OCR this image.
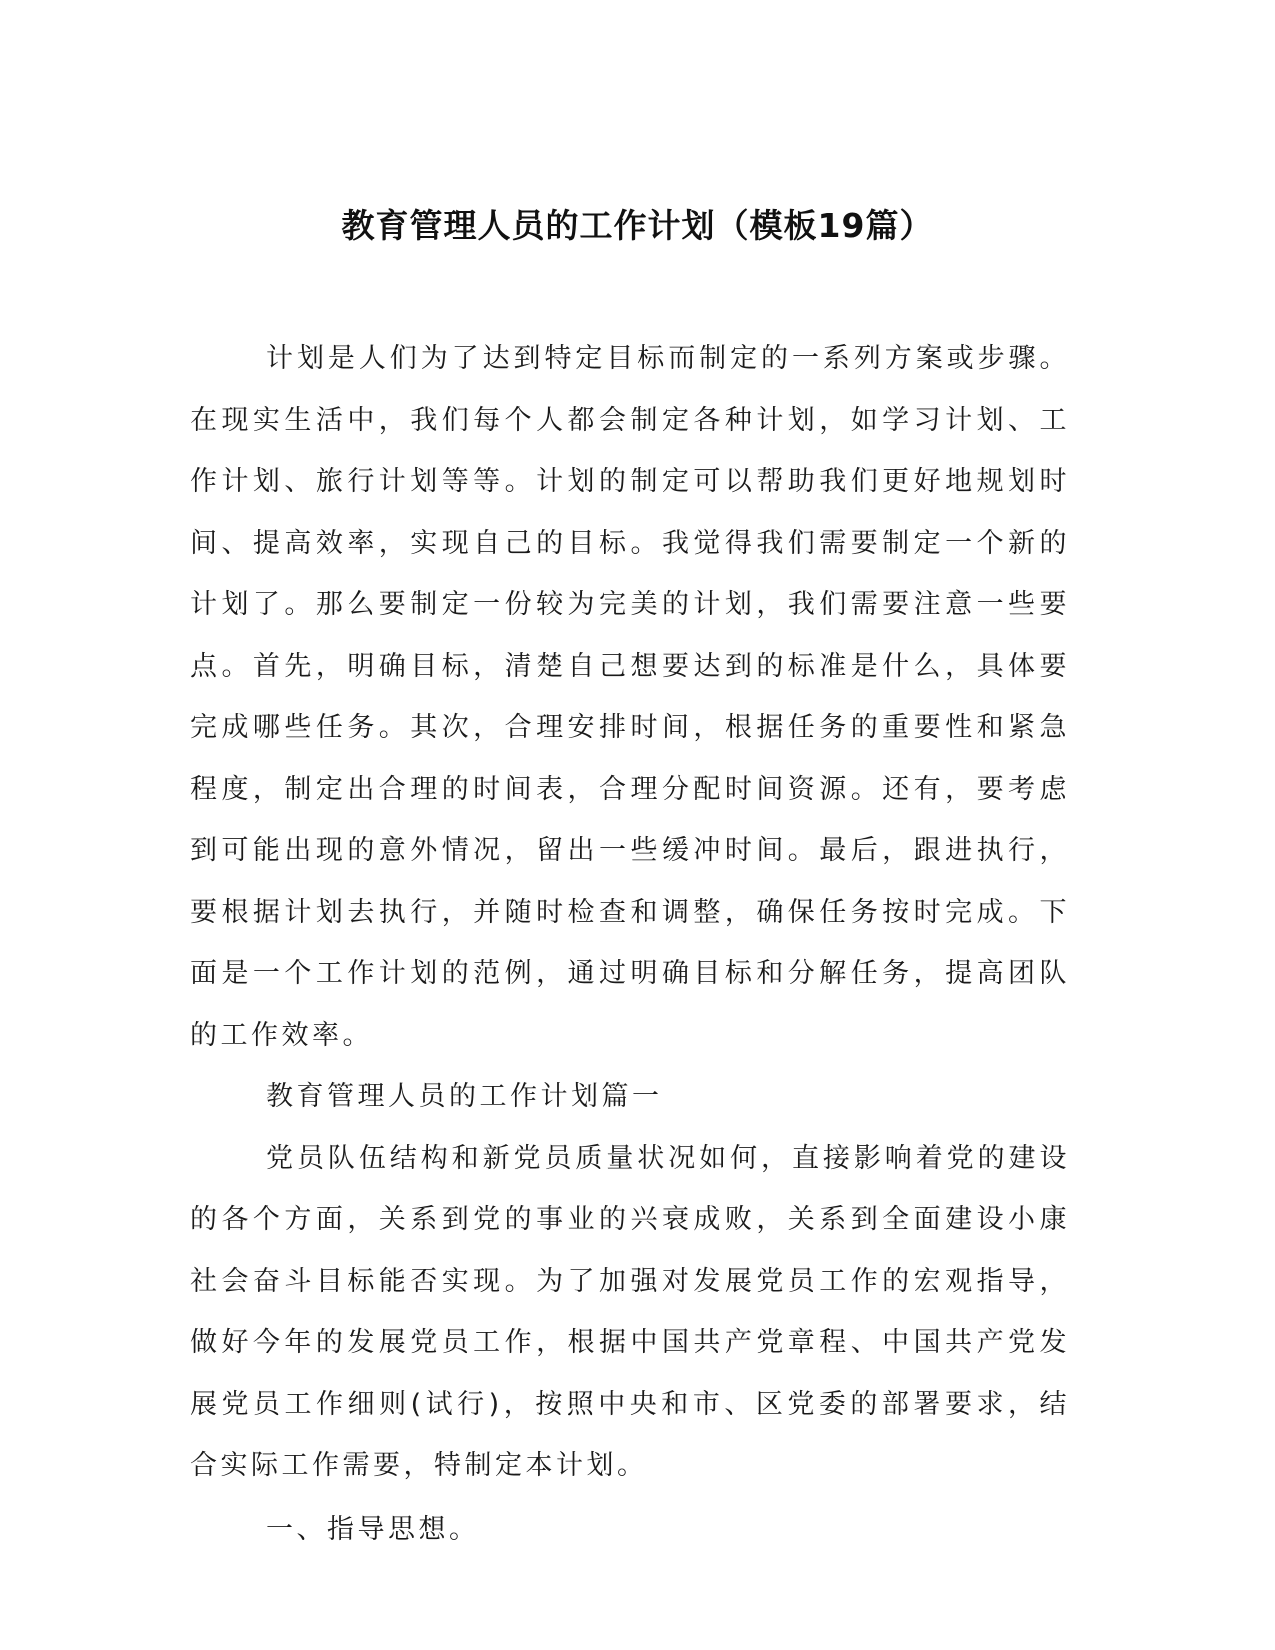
教育管理人员的工作计划（模板19篇）

计划是人们为了达到特定目标而制定的一系列方案或步骤。在现实生活中，我们每个人都会制定各种计划，如学习计划、工作计划、旅行计划等等。计划的制定可以帮助我们更好地规划时间、提高效率，实现自己的目标。我觉得我们需要制定一个新的计划了。那么要制定一份较为完美的计划，我们需要注意一些要点。首先，明确目标，清楚自己想要达到的标准是什么，具体要完成哪些任务。其次，合理安排时间，根据任务的重要性和紧急程度，制定出合理的时间表，合理分配时间资源。还有，要考虑到可能出现的意外情况，留出一些缓冲时间。最后，跟进执行，要根据计划去执行，并随时检查和调整，确保任务按时完成。下面是一个工作计划的范例，通过明确目标和分解任务，提高团队的工作效率。

教育管理人员的工作计划篇一

党员队伍结构和新党员质量状况如何，直接影响着党的建设的各个方面，关系到党的事业的兴衰成败，关系到全面建设小康社会奋斗目标能否实现。为了加强对发展党员工作的宏观指导，做好今年的发展党员工作，根据中国共产党章程、中国共产党发展党员工作细则(试行)，按照中央和市、区党委的部署要求，结合实际工作需要，特制定本计划。

一、指导思想。
